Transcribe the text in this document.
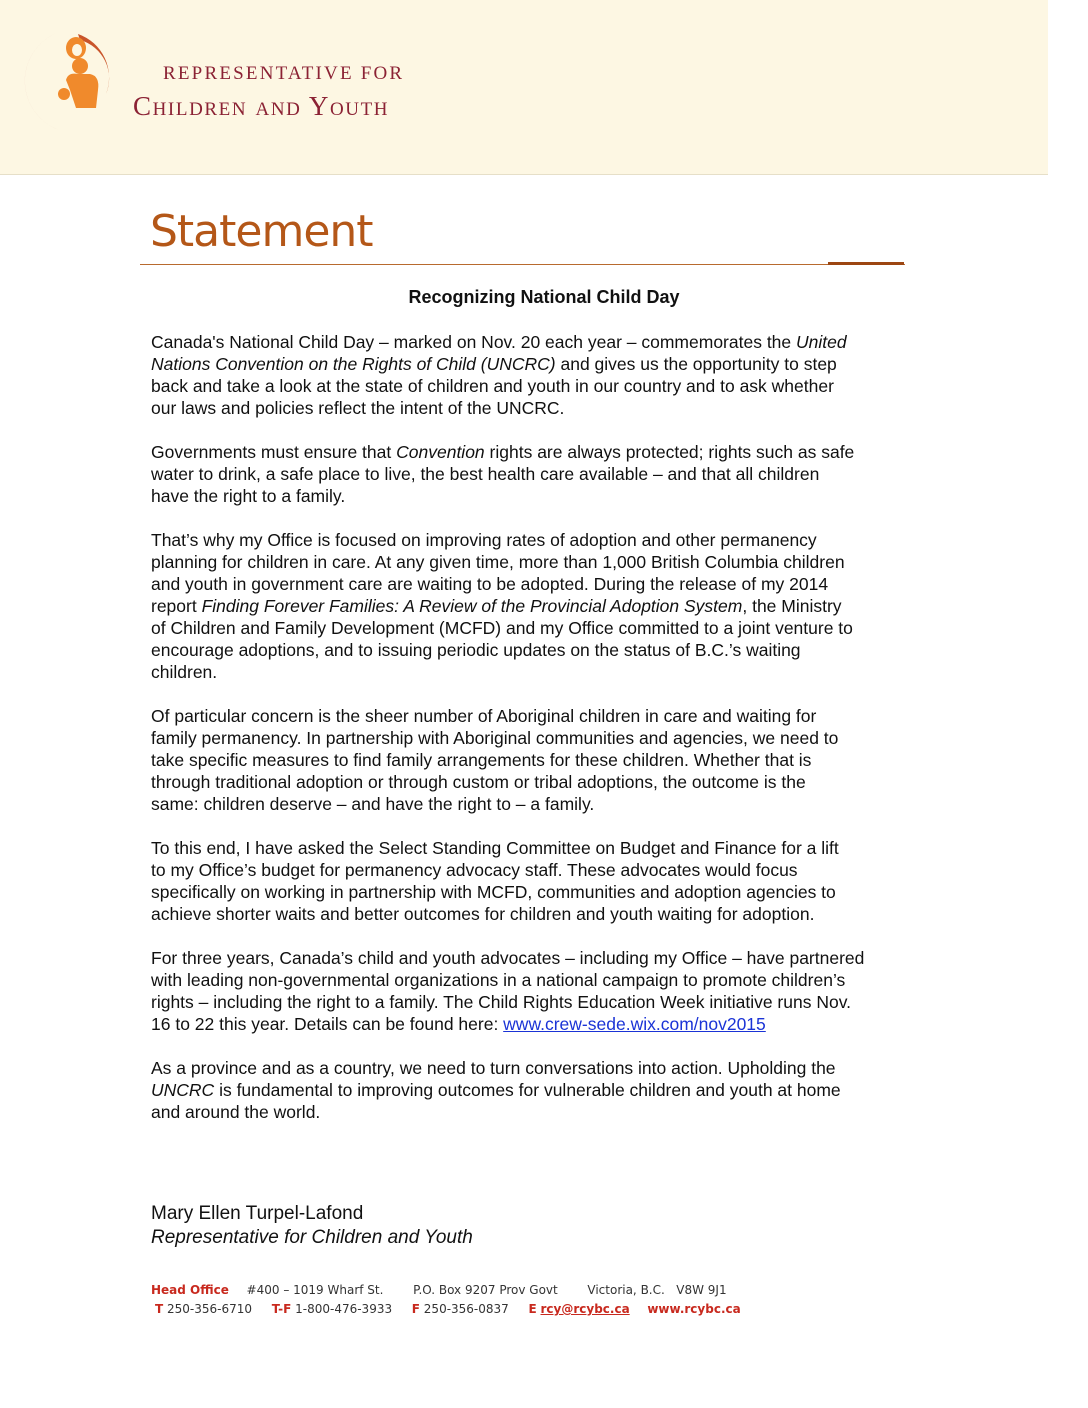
REPRESENTATIVE FOR
Children and Youth
Statement
Recognizing National Child Day

Canada's National Child Day – marked on Nov. 20 each year – commemorates the United
Nations Convention on the Rights of Child (UNCRC) and gives us the opportunity to step
back and take a look at the state of children and youth in our country and to ask whether
our laws and policies reflect the intent of the UNCRC.

Governments must ensure that Convention rights are always protected; rights such as safe
water to drink, a safe place to live, the best health care available – and that all children
have the right to a family.

That’s why my Office is focused on improving rates of adoption and other permanency
planning for children in care. At any given time, more than 1,000 British Columbia children
and youth in government care are waiting to be adopted. During the release of my 2014
report Finding Forever Families: A Review of the Provincial Adoption System, the Ministry
of Children and Family Development (MCFD) and my Office committed to a joint venture to
encourage adoptions, and to issuing periodic updates on the status of B.C.’s waiting
children.

Of particular concern is the sheer number of Aboriginal children in care and waiting for
family permanency. In partnership with Aboriginal communities and agencies, we need to
take specific measures to find family arrangements for these children. Whether that is
through traditional adoption or through custom or tribal adoptions, the outcome is the
same: children deserve – and have the right to – a family.

To this end, I have asked the Select Standing Committee on Budget and Finance for a lift
to my Office’s budget for permanency advocacy staff. These advocates would focus
specifically on working in partnership with MCFD, communities and adoption agencies to
achieve shorter waits and better outcomes for children and youth waiting for adoption.

For three years, Canada’s child and youth advocates – including my Office – have partnered
with leading non-governmental organizations in a national campaign to promote children’s
rights – including the right to a family. The Child Rights Education Week initiative runs Nov.
16 to 22 this year. Details can be found here: www.crew-sede.wix.com/nov2015

As a province and as a country, we need to turn conversations into action. Upholding the
UNCRC is fundamental to improving outcomes for vulnerable children and youth at home
and around the world.

Mary Ellen Turpel-Lafond
Representative for Children and Youth
Head Office #400 – 1019 Wharf St. P.O. Box 9207 Prov Govt Victoria, B.C.   V8W 9J1
T 250-356-6710 T-F 1-800-476-3933 F 250-356-0837 E rcy@rcybc.ca www.rcybc.ca
